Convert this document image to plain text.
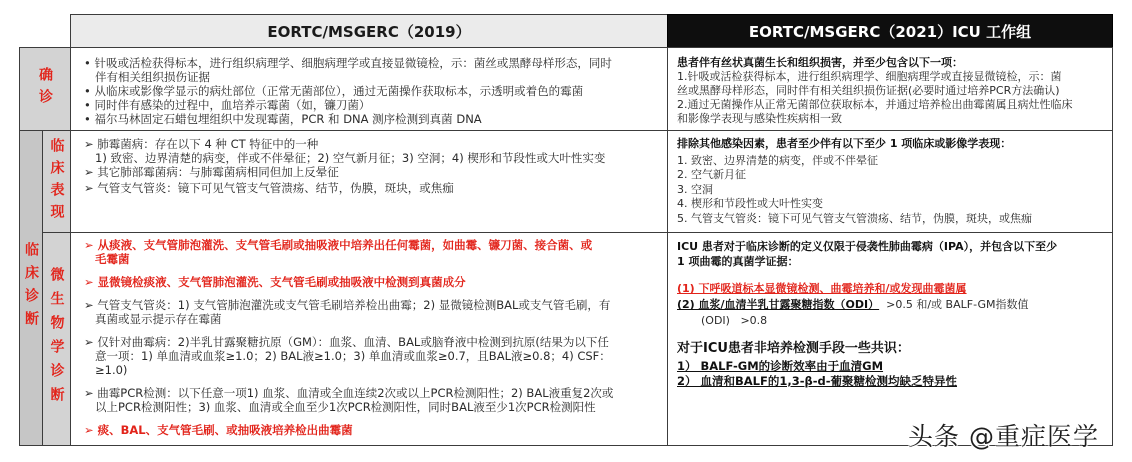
EORTC/MSGERC（2019）	EORTC/MSGERC（2021）ICU 工作组
确诊
临床诊断
临床表现
微生物学诊断
• 针吸或活检获得标本，进行组织病理学、细胞病理学或直接显微镜检，示：菌丝或黑酵母样形态，同时
伴有相关组织损伤证据
• 从临床或影像学显示的病灶部位（正常无菌部位），通过无菌操作获取标本，示透明或着色的霉菌
• 同时伴有感染的过程中，血培养示霉菌（如，镰刀菌）
• 福尔马林固定石蜡包埋组织中发现霉菌，PCR 和 DNA 测序检测到真菌 DNA
患者伴有丝状真菌生长和组织损害，并至少包含以下一项：
1.针吸或活检获得标本，进行组织病理学、细胞病理学或直接显微镜检，示：菌
丝或黑酵母样形态，同时伴有相关组织损伤证据(必要时通过培养PCR方法确认)
2.通过无菌操作从正常无菌部位获取标本，并通过培养检出曲霉菌属且病灶性临床
和影像学表现与感染性疾病相一致
➢ 肺霉菌病：存在以下 4 种 CT 特征中的一种
1) 致密、边界清楚的病变，伴或不伴晕征；2) 空气新月征；3) 空洞；4) 楔形和节段性或大叶性实变
➢ 其它肺部霉菌病：与肺霉菌病相同但加上反晕征
➢ 气管支气管炎：镜下可见气管支气管溃疡、结节，伪膜，斑块，或焦痂
排除其他感染因素，患者至少伴有以下至少 1 项临床或影像学表现：
1. 致密、边界清楚的病变，伴或不伴晕征
2. 空气新月征
3. 空洞
4. 楔形和节段性或大叶性实变
5. 气管支气管炎：镜下可见气管支气管溃疡、结节，伪膜，斑块，或焦痂
➢ 从痰液、支气管肺泡灌洗、支气管毛刷或抽吸液中培养出任何霉菌，如曲霉、镰刀菌、接合菌、或
毛霉菌
➢ 显微镜检痰液、支气管肺泡灌洗、支气管毛刷或抽吸液中检测到真菌成分
➢ 气管支气管炎：1) 支气管肺泡灌洗或支气管毛刷培养检出曲霉；2) 显微镜检测BAL或支气管毛刷，有
真菌或显示提示存在霉菌
➢ 仅针对曲霉病：2)半乳甘露聚糖抗原（GM）：血浆、血清、BAL或脑脊液中检测到抗原(结果为以下任
意一项：1) 单血清或血浆≥1.0；2) BAL液≥1.0；3) 单血清或血浆≥0.7，且BAL液≥0.8；4) CSF：
≥1.0)
➢ 曲霉PCR检测：以下任意一项1) 血浆、血清或全血连续2次或以上PCR检测阳性；2) BAL液重复2次或
以上PCR检测阳性；3) 血浆、血清或全血至少1次PCR检测阳性，同时BAL液至少1次PCR检测阳性
➢ 痰、BAL、支气管毛刷、或抽吸液培养检出曲霉菌
ICU 患者对于临床诊断的定义仅限于侵袭性肺曲霉病（IPA），并包含以下至少
1 项曲霉的真菌学证据：
(1) 下呼吸道标本显微镜检测、曲霉培养和/或发现曲霉菌属
(2) 血浆/血清半乳甘露聚糖指数（ODI）  >0.5 和/或 BALF-GM指数值
(ODI)   >0.8
对于ICU患者非培养检测手段一些共识：
1） BALF-GM的诊断效率由于血清GM
2） 血清和BALF的1,3-β-d-葡聚糖检测均缺乏特异性
头条 @重症医学
